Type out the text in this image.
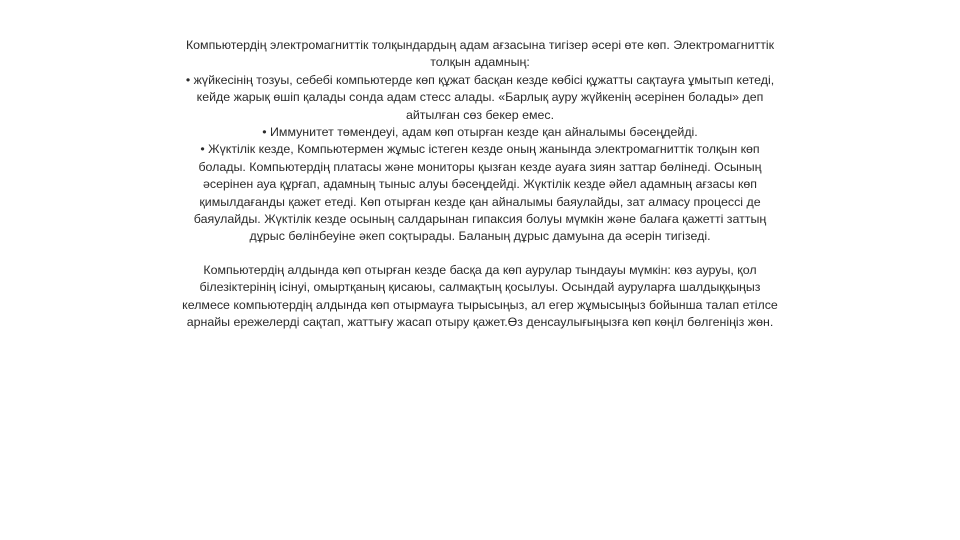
Компьютердің электромагниттік толқындардың адам ағзасына тигізер әсері өте көп. Электромагниттік
толқын адамның:
• жүйкесінің тозуы, себебі компьютерде көп құжат басқан кезде көбісі құжатты сақтауға ұмытып кетеді,
кейде жарық өшіп қалады сонда адам стесс алады. «Барлық ауру жүйкенің әсерінен болады» деп
айтылған сөз бекер емес.
• Иммунитет төмендеуі, адам көп отырған кезде қан айналымы бәсеңдейді.
• Жүктілік кезде, Компьютермен жұмыс істеген кезде оның жанында электромагниттік толқын көп
болады. Компьютердің платасы және мониторы қызған кезде ауаға зиян заттар бөлінеді. Осының
әсерінен ауа құрғап, адамның тыныс алуы бәсеңдейді. Жүктілік кезде әйел адамның ағзасы көп
қимылдағанды қажет етеді. Көп отырған кезде қан айналымы баяулайды, зат алмасу процессі де
баяулайды. Жүктілік кезде осының салдарынан гипаксия болуы мүмкін және балаға қажетті заттың
дұрыс бөлінбеуіне әкеп соқтырады. Баланың дұрыс дамуына да әсерін тигізеді.
Компьютердің алдында көп отырған кезде басқа да көп аурулар тындауы мүмкін: көз ауруы, қол
білезіктерінің ісінуі, омыртқаның қисаюы, салмақтың қосылуы. Осындай ауруларға шалдыққыңыз
келмесе компьютердің алдында көп отырмауға тырысыңыз, ал егер жұмысыңыз бойынша талап етілсе
арнайы ережелерді сақтап, жаттығу жасап отыру қажет.Өз денсаулығыңызға көп көңіл бөлгеніңіз жөн.
